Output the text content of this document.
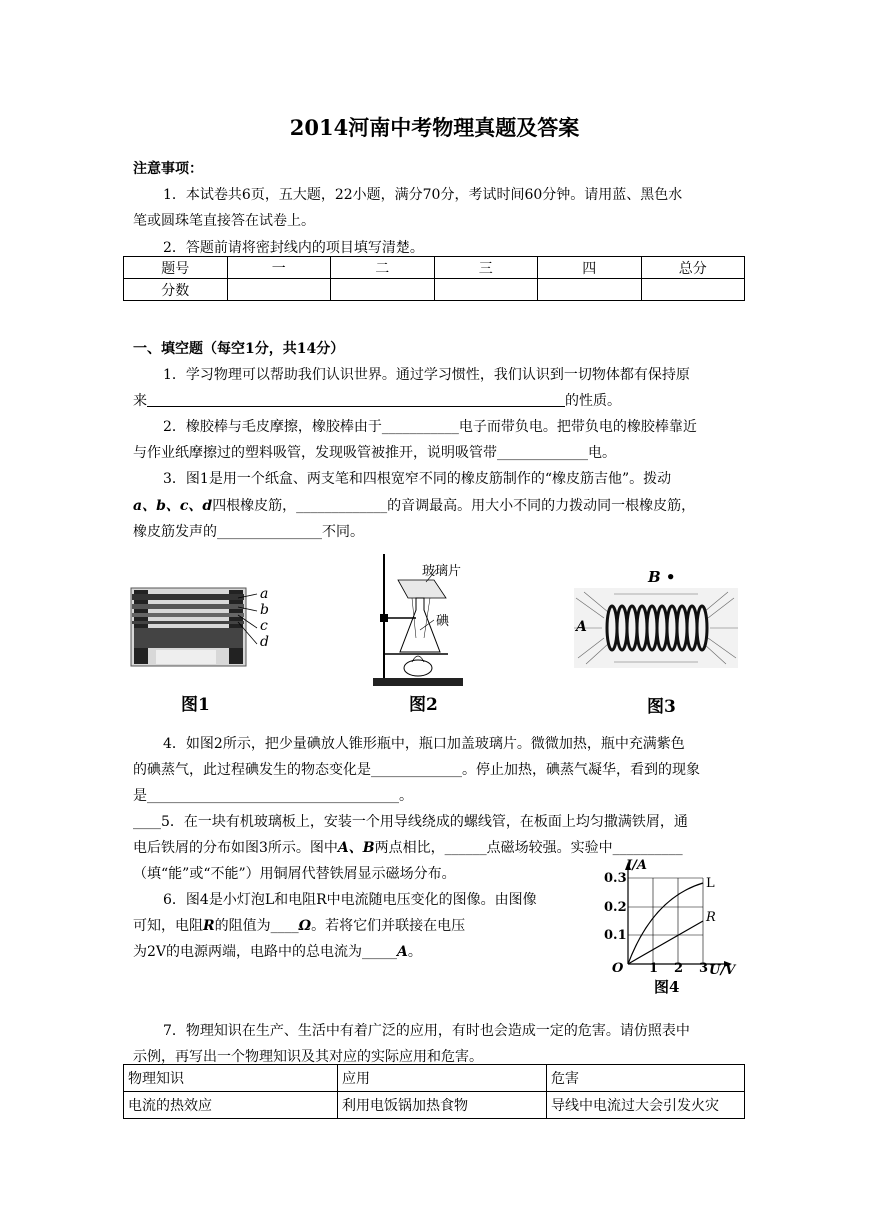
2014河南中考物理真题及答案
注意事项：
1．本试卷共6页，五大题，22小题，满分70分，考试时间60分钟。请用蓝、黑色水
笔或圆珠笔直接答在试卷上。
2．答题前请将密封线内的项目填写清楚。
题号	一	二	三	四	总分
分数					
一、填空题（每空1分，共14分）
1．学习物理可以帮助我们认识世界。通过学习惯性，我们认识到一切物体都有保持原
来	的性质。
2．橡胶棒与毛皮摩擦，橡胶棒由于___________电子而带负电。把带负电的橡胶棒靠近
与作业纸摩擦过的塑料吸管，发现吸管被推开，说明吸管带_____________电。
3．图1是用一个纸盒、两支笔和四根宽窄不同的橡皮筋制作的“橡皮筋吉他”。拨动
a、b、c、d四根橡皮筋，_____________的音调最高。用大小不同的力拨动同一根橡皮筋，
橡皮筋发声的_______________不同。
a
b
c
d
图1
玻璃片
碘
图2
B •
A
图3
4．如图2所示，把少量碘放人锥形瓶中，瓶口加盖玻璃片。微微加热，瓶中充满紫色
的碘蒸气，此过程碘发生的物态变化是_____________。停止加热，碘蒸气凝华，看到的现象
是____________________________________。
____5．在一块有机玻璃板上，安装一个用导线绕成的螺线管，在板面上均匀撒满铁屑，通
电后铁屑的分布如图3所示。图中A、B两点相比，______点磁场较强。实验中__________
（填“能”或“不能”）用铜屑代替铁屑显示磁场分布。
6．图4是小灯泡L和电阻R中电流随电压变化的图像。由图像
可知，电阻R的阻值为____Ω。若将它们并联接在电压
为2V的电源两端，电路中的总电流为_____A。
I/A
0.3
0.2
0.1
O 1 2 3 U/V
L
R
图4
7．物理知识在生产、生活中有着广泛的应用，有时也会造成一定的危害。请仿照表中
示例，再写出一个物理知识及其对应的实际应用和危害。
物理知识	应用	危害
电流的热效应	利用电饭锅加热食物	导线中电流过大会引发火灾
